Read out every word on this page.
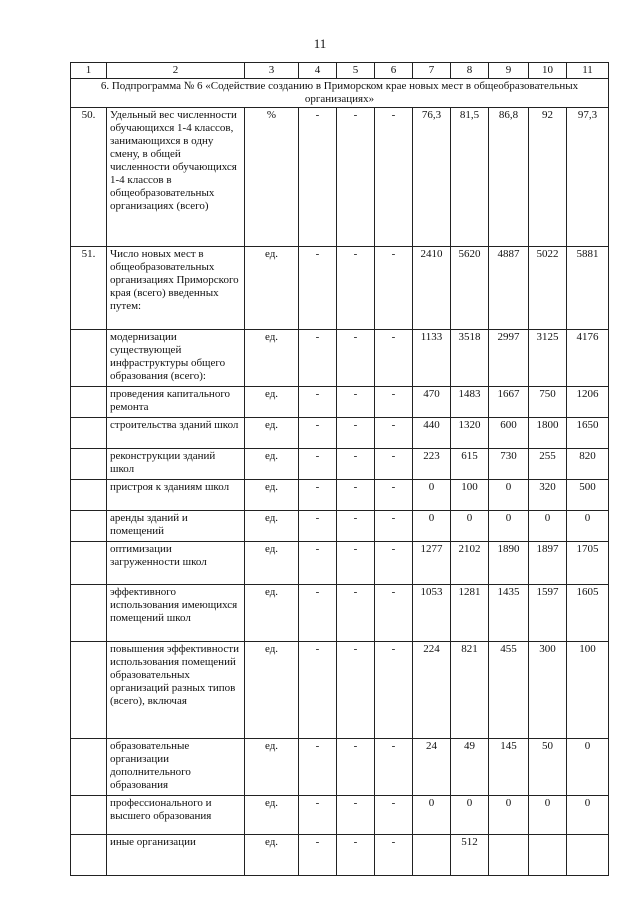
11
1	2	3	4	5	6	7	8	9	10	11

6. Подпрограмма № 6 «Содействие созданию в Приморском крае новых мест в общеобразовательных организациях»										

50.	Удельный вес численности обучающихся 1-4 классов, занимающихся в одну смену, в общей численности обучающихся 1-4 классов в общеобразовательных организациях (всего)	%	-	-	-	76,3	81,5	86,8	92	97,3
51.	Число новых мест в общеобразовательных организациях Приморского края (всего) введенных путем:	ед.	-	-	-	2410	5620	4887	5022	5881
	модернизации существующей инфраструктуры общего образования (всего):	ед.	-	-	-	1133	3518	2997	3125	4176
	проведения капитального ремонта	ед.	-	-	-	470	1483	1667	750	1206
	строительства зданий школ	ед.	-	-	-	440	1320	600	1800	1650
	реконструкции зданий школ	ед.	-	-	-	223	615	730	255	820
	пристроя к зданиям школ	ед.	-	-	-	0	100	0	320	500
	аренды зданий и помещений	ед.	-	-	-	0	0	0	0	0
	оптимизации загруженности школ	ед.	-	-	-	1277	2102	1890	1897	1705
	эффективного использования имеющихся помещений школ	ед.	-	-	-	1053	1281	1435	1597	1605
	повышения эффективности использования помещений образовательных организаций разных типов (всего), включая	ед.	-	-	-	224	821	455	300	100
	образовательные организации дополнительного образования	ед.	-	-	-	24	49	145	50	0
	профессионального и высшего образования	ед.	-	-	-	0	0	0	0	0
	иные организации	ед.	-	-	-		512			
